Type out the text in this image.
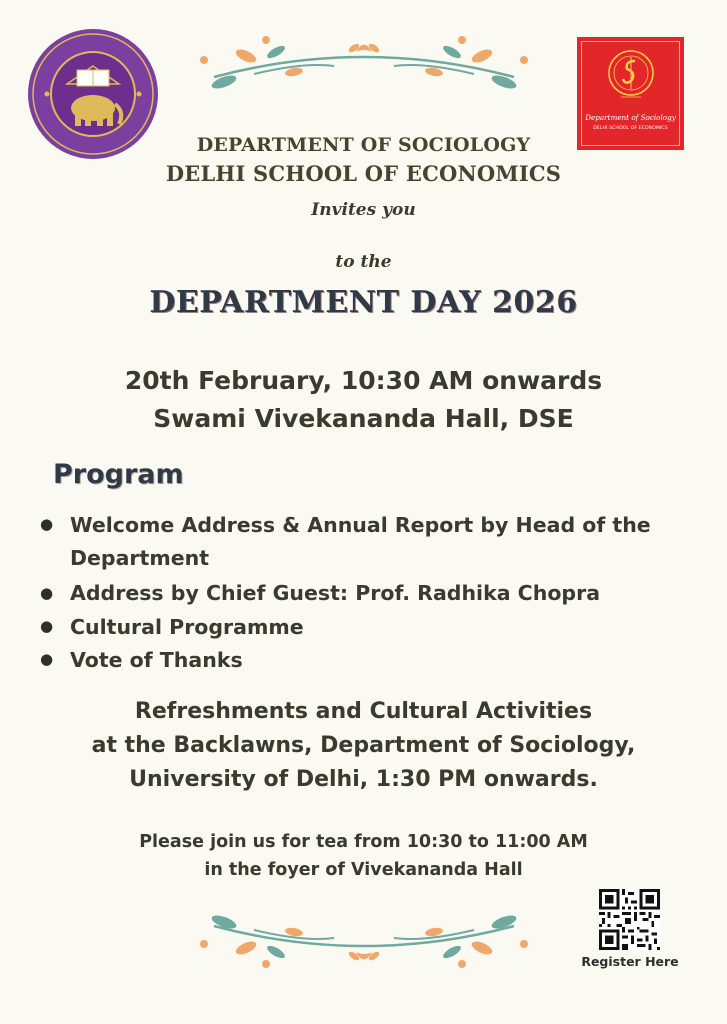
Department of Sociology
DELHI SCHOOL OF ECONOMICS
DEPARTMENT OF SOCIOLOGY
DELHI SCHOOL OF ECONOMICS
Invites you
to the
DEPARTMENT DAY 2026
20th February, 10:30 AM onwards
Swami Vivekananda Hall, DSE
Program
● Welcome Address & Annual Report by Head of the Department
● Address by Chief Guest: Prof. Radhika Chopra
● Cultural Programme
● Vote of Thanks
Refreshments and Cultural Activities
at the Backlawns, Department of Sociology,
University of Delhi, 1:30 PM onwards.
Please join us for tea from 10:30 to 11:00 AM
in the foyer of Vivekananda Hall
Register Here
